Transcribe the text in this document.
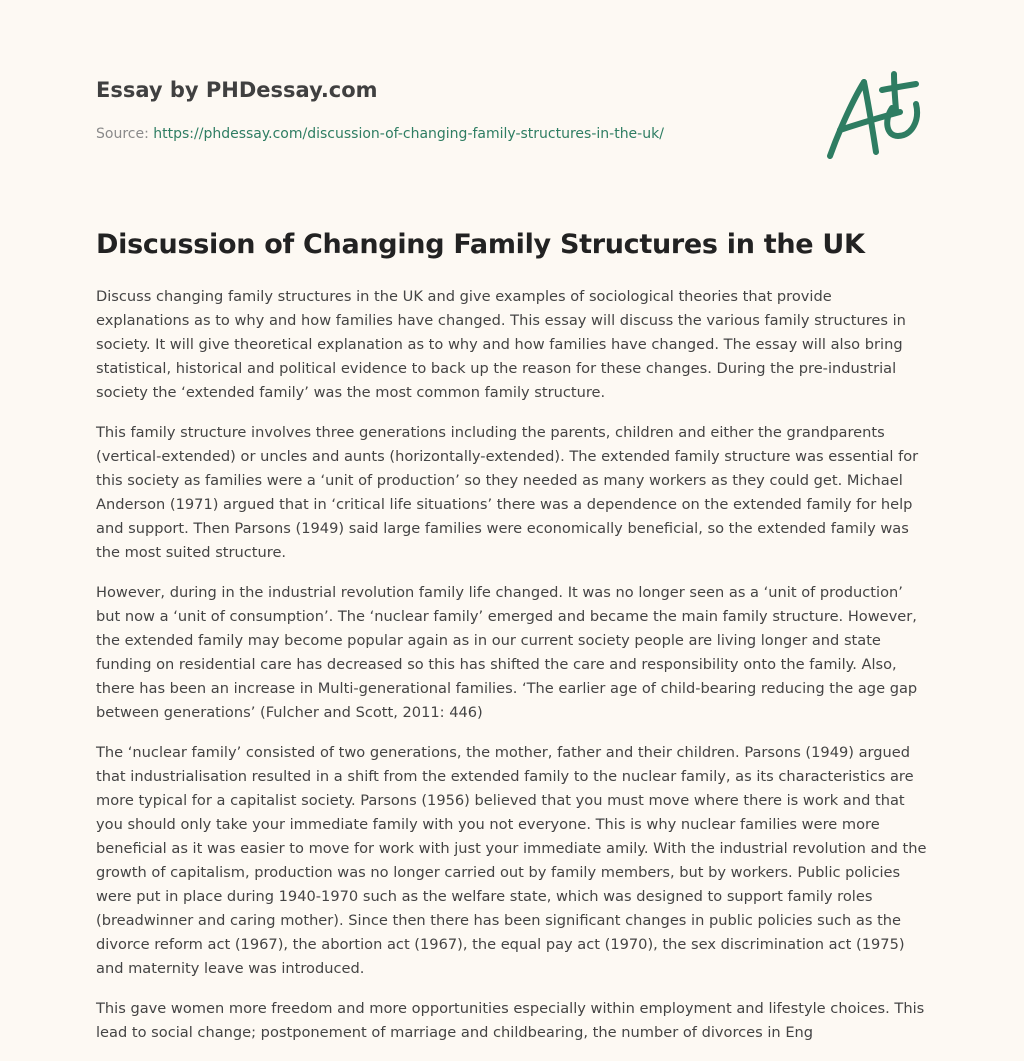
Essay by PHDessay.com
Source: https://phdessay.com/discussion-of-changing-family-structures-in-the-uk/
Discussion of Changing Family Structures in the UK

Discuss changing family structures in the UK and give examples of sociological theories that provide explanations as to why and how families have changed. This essay will discuss the various family structures in society. It will give theoretical explanation as to why and how families have changed. The essay will also bring statistical, historical and political evidence to back up the reason for these changes. During the pre-industrial society the ‘extended family’ was the most common family structure.

This family structure involves three generations including the parents, children and either the grandparents (vertical-extended) or uncles and aunts (horizontally-extended). The extended family structure was essential for this society as families were a ‘unit of production’ so they needed as many workers as they could get. Michael Anderson (1971) argued that in ‘critical life situations’ there was a dependence on the extended family for help and support. Then Parsons (1949) said large families were economically beneficial, so the extended family was the most suited structure.

However, during in the industrial revolution family life changed. It was no longer seen as a ‘unit of production’ but now a ‘unit of consumption’. The ‘nuclear family’ emerged and became the main family structure. However, the extended family may become popular again as in our current society people are living longer and state funding on residential care has decreased so this has shifted the care and responsibility onto the family. Also, there has been an increase in Multi-generational families. ‘The earlier age of child-bearing reducing the age gap between generations’ (Fulcher and Scott, 2011: 446)

The ‘nuclear family’ consisted of two generations, the mother, father and their children. Parsons (1949) argued that industrialisation resulted in a shift from the extended family to the nuclear family, as its characteristics are more typical for a capitalist society. Parsons (1956) believed that you must move where there is work and that you should only take your immediate family with you not everyone. This is why nuclear families were more beneficial as it was easier to move for work with just your immediate amily. With the industrial revolution and the growth of capitalism, production was no longer carried out by family members, but by workers. Public policies were put in place during 1940-1970 such as the welfare state, which was designed to support family roles (breadwinner and caring mother). Since then there has been significant changes in public policies such as the divorce reform act (1967), the abortion act (1967), the equal pay act (1970), the sex discrimination act (1975) and maternity leave was introduced.

This gave women more freedom and more opportunities especially within employment and lifestyle choices. This lead to social change; postponement of marriage and childbearing, the number of divorces in Eng
